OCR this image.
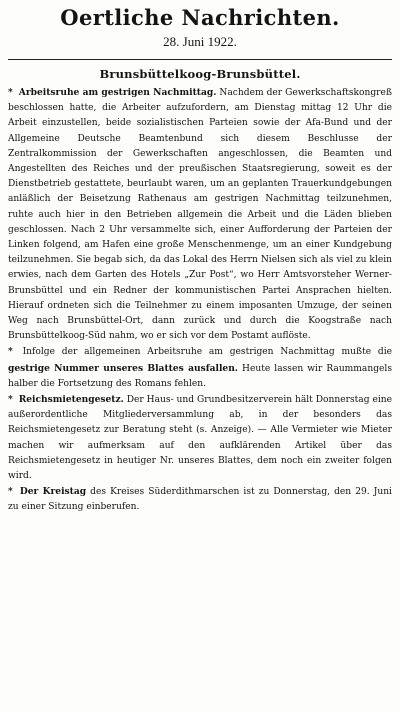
Oertliche Nachrichten.
28. Juni 1922.
Brunsbüttelkoog-Brunsbüttel.

* Arbeitsruhe am gestrigen Nachmittag. Nachdem der Gewerkschaftskongreß beschlossen hatte, die Arbeiter aufzufordern, am Dienstag mittag 12 Uhr die Arbeit einzustellen, beide sozialistischen Parteien sowie der Afa-Bund und der Allgemeine Deutsche Beamtenbund sich diesem Beschlusse der Zentralkommission der Gewerkschaften angeschlossen, die Beamten und Angestellten des Reiches und der preußischen Staatsregierung, soweit es der Dienstbetrieb gestattete, beurlaubt waren, um an geplanten Trauerkundgebungen anläßlich der Beisetzung Rathenaus am gestrigen Nachmittag teilzunehmen, ruhte auch hier in den Betrieben allgemein die Arbeit und die Läden blieben geschlossen. Nach 2 Uhr versammelte sich, einer Aufforderung der Parteien der Linken folgend, am Hafen eine große Menschenmenge, um an einer Kundgebung teilzunehmen. Sie begab sich, da das Lokal des Herrn Nielsen sich als viel zu klein erwies, nach dem Garten des Hotels „Zur Post“, wo Herr Amtsvorsteher Werner-Brunsbüttel und ein Redner der kommunistischen Partei Ansprachen hielten. Hierauf ordneten sich die Teilnehmer zu einem imposanten Umzuge, der seinen Weg nach Brunsbüttel-Ort, dann zurück und durch die Koogstraße nach Brunsbüttelkoog-Süd nahm, wo er sich vor dem Postamt auflöste.

* Infolge der allgemeinen Arbeitsruhe am gestrigen Nachmittag mußte die gestrige Nummer unseres Blattes ausfallen. Heute lassen wir Raummangels halber die Fortsetzung des Romans fehlen.

* Reichsmietengesetz. Der Haus- und Grundbesitzerverein hält Donnerstag eine außerordentliche Mitgliederversammlung ab, in der besonders das Reichsmietengesetz zur Beratung steht (s. Anzeige). — Alle Vermieter wie Mieter machen wir aufmerksam auf den aufklärenden Artikel über das Reichsmietengesetz in heutiger Nr. unseres Blattes, dem noch ein zweiter folgen wird.

* Der Kreistag des Kreises Süderdithmarschen ist zu Donnerstag, den 29. Juni zu einer Sitzung einberufen.
